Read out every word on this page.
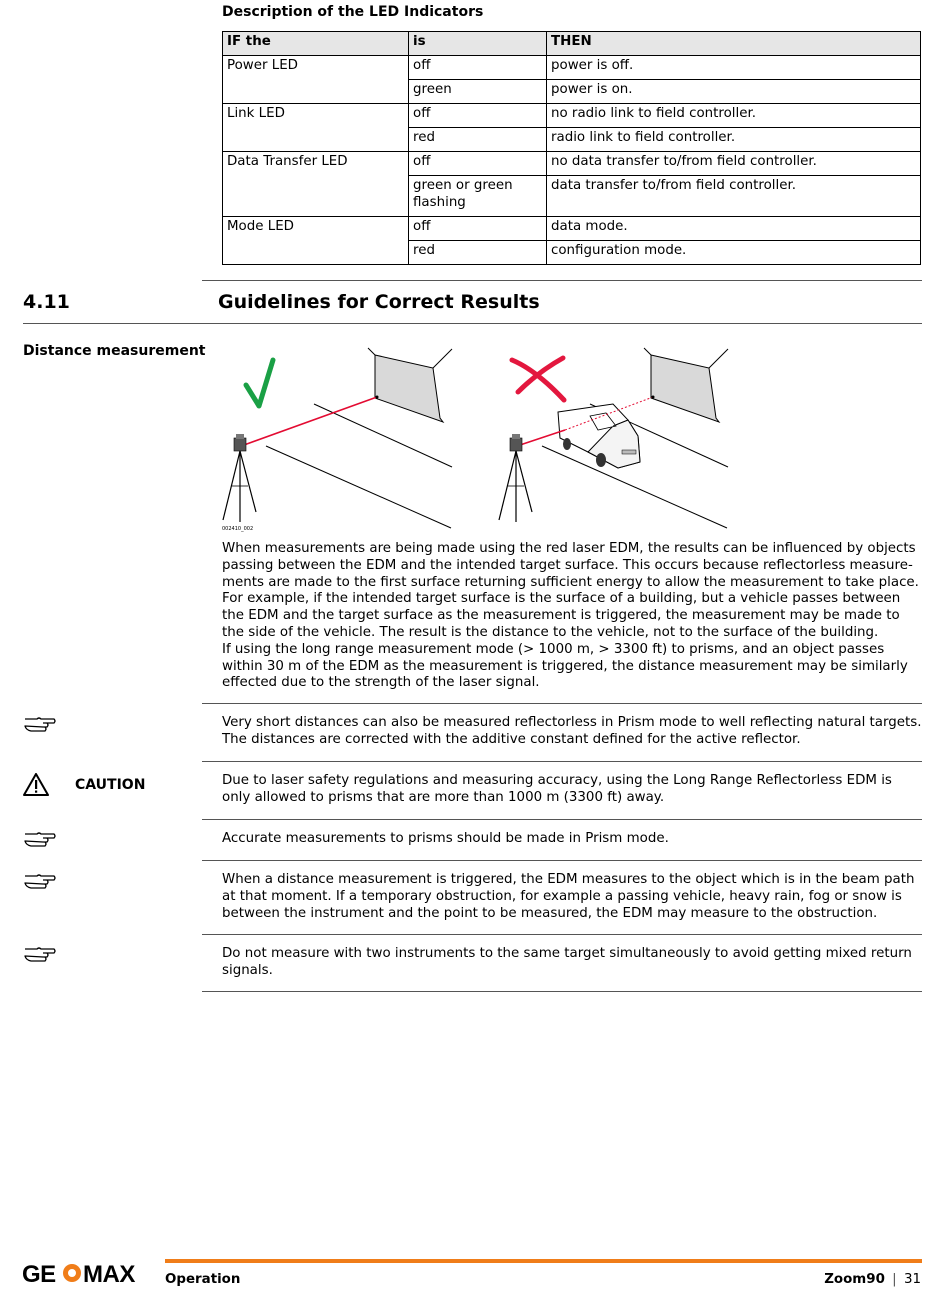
Description of the LED Indicators
IF the	is	THEN
Power LED	off	power is off.
	green	power is on.
Link LED	off	no radio link to field controller.
	red	radio link to field controller.
Data Transfer LED	off	no data transfer to/from field controller.
	green or green flashing	data transfer to/from field controller.
Mode LED	off	data mode.
	red	configuration mode.
4.11	Guidelines for Correct Results
Distance measurement
002410_002
When measurements are being made using the red laser EDM, the results can be influenced by objects passing between the EDM and the intended target surface. This occurs because reflectorless measure-ments are made to the first surface returning sufficient energy to allow the measurement to take place. For example, if the intended target surface is the surface of a building, but a vehicle passes between the EDM and the target surface as the measurement is triggered, the measurement may be made to the side of the vehicle. The result is the distance to the vehicle, not to the surface of the building.
If using the long range measurement mode (> 1000 m, > 3300 ft) to prisms, and an object passes within 30 m of the EDM as the measurement is triggered, the distance measurement may be similarly effected due to the strength of the laser signal.
Very short distances can also be measured reflectorless in Prism mode to well reflecting natural targets. The distances are corrected with the additive constant defined for the active reflector.
CAUTION	Due to laser safety regulations and measuring accuracy, using the Long Range Reflectorless EDM is only allowed to prisms that are more than 1000 m (3300 ft) away.
Accurate measurements to prisms should be made in Prism mode.
When a distance measurement is triggered, the EDM measures to the object which is in the beam path at that moment. If a temporary obstruction, for example a passing vehicle, heavy rain, fog or snow is between the instrument and the point to be measured, the EDM may measure to the obstruction.
Do not measure with two instruments to the same target simultaneously to avoid getting mixed return signals.
GE MAX Operation	Zoom90 | 31
